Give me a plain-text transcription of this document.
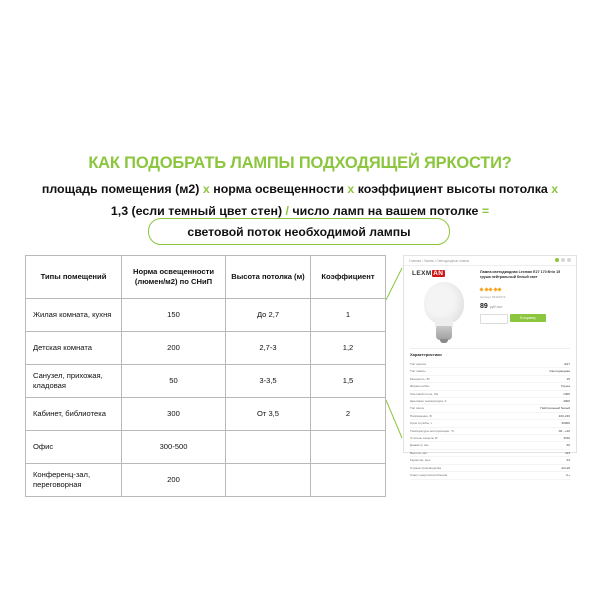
КАК ПОДОБРАТЬ ЛАМПЫ ПОДХОДЯЩЕЙ ЯРКОСТИ?
площадь помещения (м2) х норма освещенности х коэффициент высоты потолка х
1,3 (если темный цвет стен) / число ламп на вашем потолке =
световой поток необходимой лампы
Типы помещений	Норма освещенности (люмен/м2) по СНиП	Высота потолка (м)	Коэффициент
Жилая комната, кухня	150	До 2,7	1
Детская комната	200	2,7-3	1,2
Санузел, прихожая, кладовая	50	3-3,5	1,5
Кабинет, библиотека	300	От 3,5	2
Офис	300-500		
Конференц-зал, переговорная	200		
Главная / Лампы / Светодиодные лампы
LEXM AN	Лампа светодиодная Lexman E27 170 Вт/л 15 груша нейтральный белый свет
Артикул 82394472
89 руб./шт.
В корзину
Характеристики
Тип цоколя	E27
Тип лампы	Светодиодная
Мощность, Вт	15
Форма колбы	Груша
Световой поток, Лм	1300
Цветовая температура, К	4000
Тип света	Нейтральный белый
Напряжение, В	220-240
Срок службы, ч	30000
Температура эксплуатации, °C	-30...+40
Степень защиты IP	IP20
Диаметр, мм	60
Высота, мм	113
Гарантия, мес.	24
Страна производства	Китай
Класс энергопотребления	A+
